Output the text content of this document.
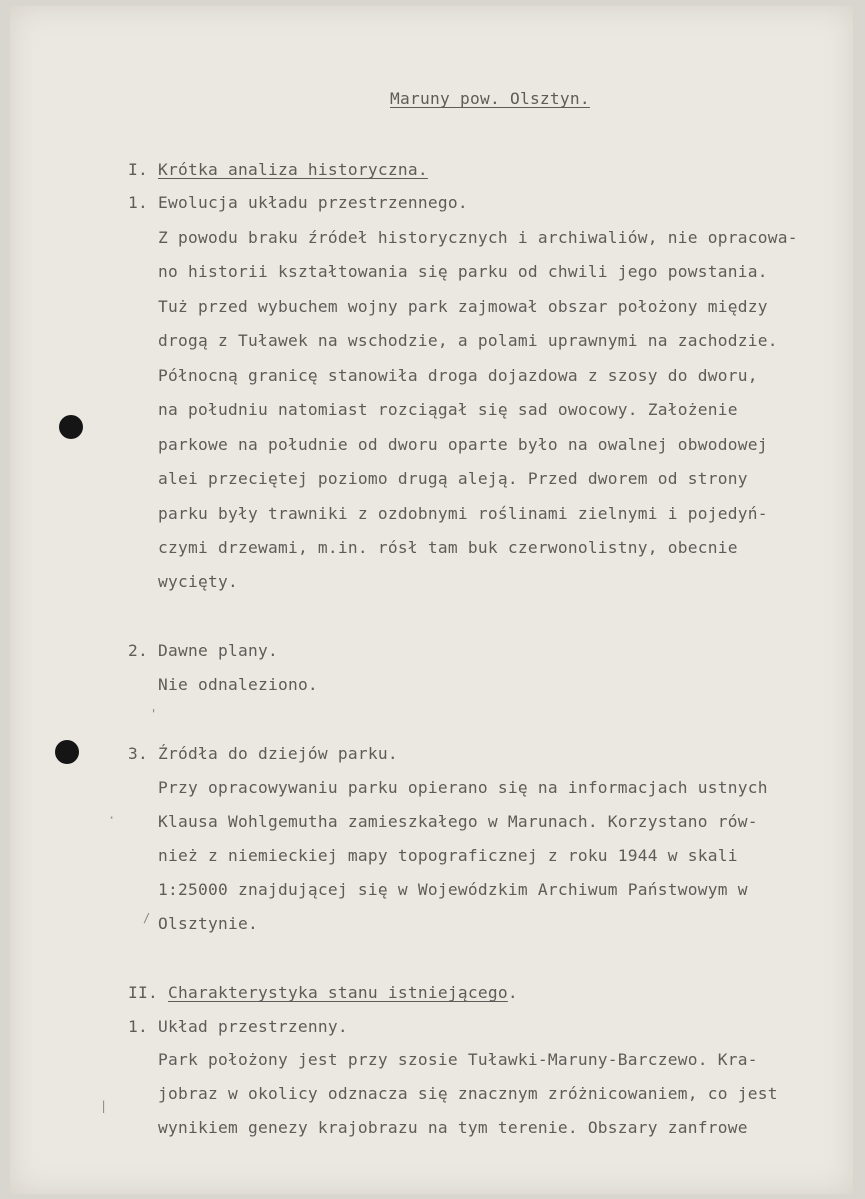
'
·
/
|
Maruny pow. Olsztyn.
I. Krótka analiza historyczna.
1. Ewolucja układu przestrzennego.
Z powodu braku źródeł historycznych i archiwaliów, nie opracowa-
no historii kształtowania się parku od chwili jego powstania.
Tuż przed wybuchem wojny park zajmował obszar położony między
drogą z Tuławek na wschodzie, a polami uprawnymi na zachodzie.
Północną granicę stanowiła droga dojazdowa z szosy do dworu,
na południu natomiast rozciągał się sad owocowy. Założenie
parkowe na południe od dworu oparte było na owalnej obwodowej
alei przeciętej poziomo drugą aleją. Przed dworem od strony
parku były trawniki z ozdobnymi roślinami zielnymi i pojedyń-
czymi drzewami, m.in. rósł tam buk czerwonolistny, obecnie
wycięty.
2. Dawne plany.
Nie odnaleziono.
3. Źródła do dziejów parku.
Przy opracowywaniu parku opierano się na informacjach ustnych
Klausa Wohlgemutha zamieszkałego w Marunach. Korzystano rów-
nież z niemieckiej mapy topograficznej z roku 1944 w skali
1:25000 znajdującej się w Wojewódzkim Archiwum Państwowym w
Olsztynie.
II. Charakterystyka stanu istniejącego.
1. Układ przestrzenny.
Park położony jest przy szosie Tuławki-Maruny-Barczewo. Kra-
jobraz w okolicy odznacza się znacznym zróżnicowaniem, co jest
wynikiem genezy krajobrazu na tym terenie. Obszary zanfrowe
